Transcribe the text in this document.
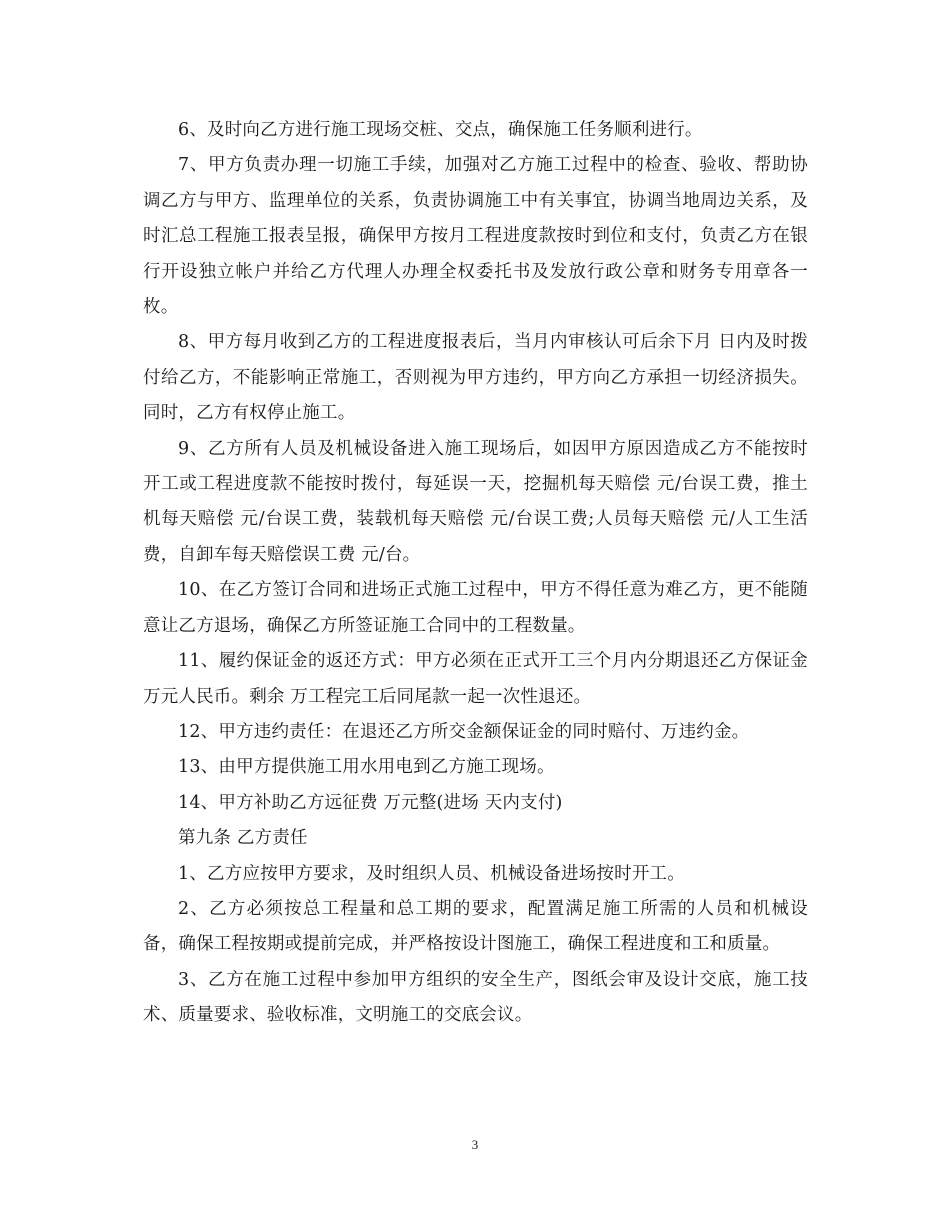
6、及时向乙方进行施工现场交桩、交点，确保施工任务顺利进行。

7、甲方负责办理一切施工手续，加强对乙方施工过程中的检查、验收、帮助协调乙方与甲方、监理单位的关系，负责协调施工中有关事宜，协调当地周边关系，及时汇总工程施工报表呈报，确保甲方按月工程进度款按时到位和支付，负责乙方在银行开设独立帐户并给乙方代理人办理全权委托书及发放行政公章和财务专用章各一枚。

8、甲方每月收到乙方的工程进度报表后，当月内审核认可后余下月 日内及时拨付给乙方，不能影响正常施工，否则视为甲方违约，甲方向乙方承担一切经济损失。同时，乙方有权停止施工。

9、乙方所有人员及机械设备进入施工现场后，如因甲方原因造成乙方不能按时开工或工程进度款不能按时拨付，每延误一天，挖掘机每天赔偿 元/台误工费，推土机每天赔偿 元/台误工费，装载机每天赔偿 元/台误工费;人员每天赔偿 元/人工生活费，自卸车每天赔偿误工费 元/台。

10、在乙方签订合同和进场正式施工过程中，甲方不得任意为难乙方，更不能随意让乙方退场，确保乙方所签证施工合同中的工程数量。

11、履约保证金的返还方式：甲方必须在正式开工三个月内分期退还乙方保证金 万元人民币。剩余 万工程完工后同尾款一起一次性退还。

12、甲方违约责任：在退还乙方所交金额保证金的同时赔付、万违约金。

13、由甲方提供施工用水用电到乙方施工现场。

14、甲方补助乙方远征费 万元整(进场 天内支付)

第九条 乙方责任

1、乙方应按甲方要求，及时组织人员、机械设备进场按时开工。

2、乙方必须按总工程量和总工期的要求，配置满足施工所需的人员和机械设备，确保工程按期或提前完成，并严格按设计图施工，确保工程进度和工和质量。

3、乙方在施工过程中参加甲方组织的安全生产，图纸会审及设计交底，施工技术、质量要求、验收标准，文明施工的交底会议。

3
